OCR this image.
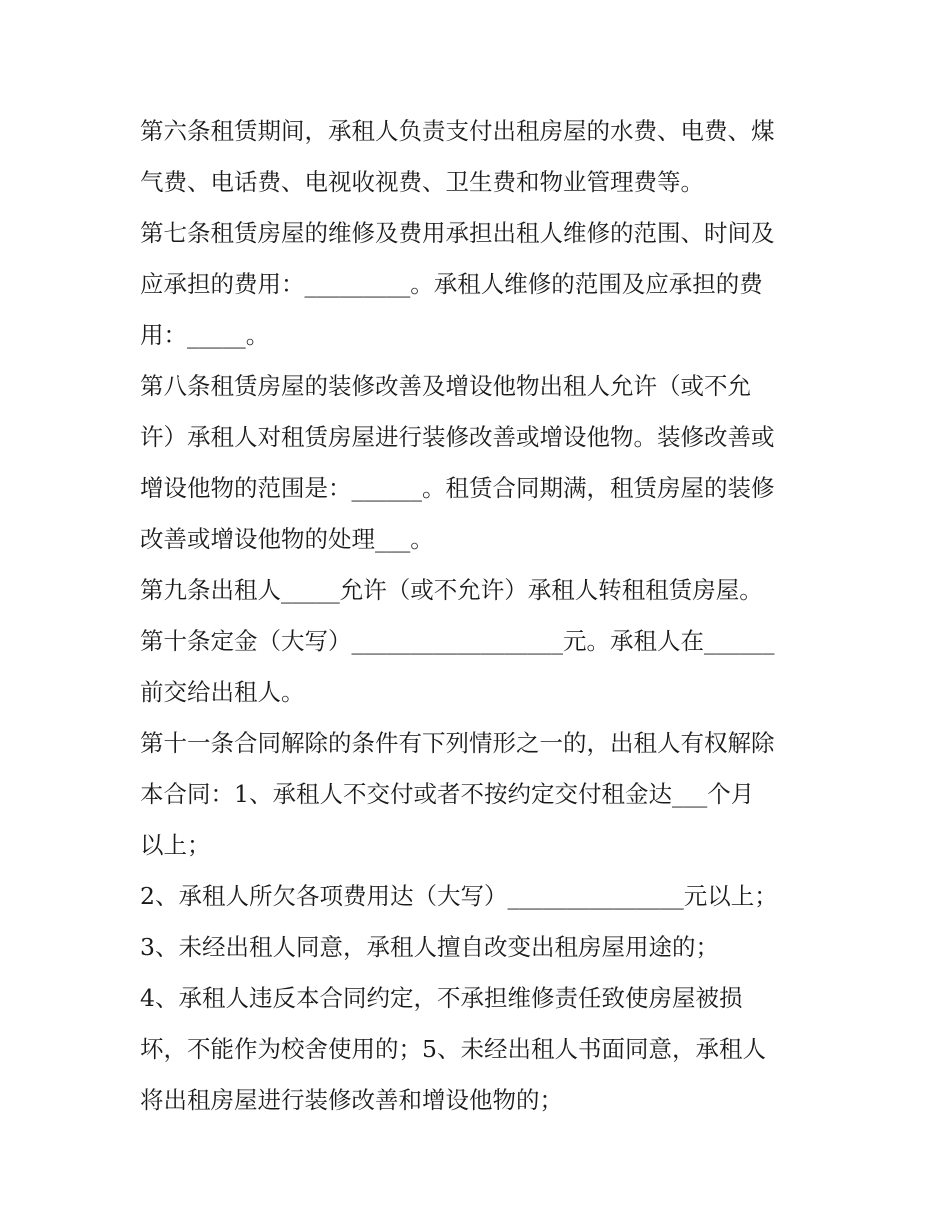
第六条租赁期间，承租人负责支付出租房屋的水费、电费、煤
气费、电话费、电视收视费、卫生费和物业管理费等。

第七条租赁房屋的维修及费用承担出租人维修的范围、时间及
应承担的费用：_________。承租人维修的范围及应承担的费
用：_____。

第八条租赁房屋的装修改善及增设他物出租人允许（或不允
许）承租人对租赁房屋进行装修改善或增设他物。装修改善或
增设他物的范围是：______。租赁合同期满，租赁房屋的装修
改善或增设他物的处理___。

第九条出租人_____允许（或不允许）承租人转租租赁房屋。

第十条定金（大写）__________________元。承租人在______
前交给出租人。

第十一条合同解除的条件有下列情形之一的，出租人有权解除
本合同：1、承租人不交付或者不按约定交付租金达___个月
以上；

2、承租人所欠各项费用达（大写）_______________元以上；

3、未经出租人同意，承租人擅自改变出租房屋用途的；

4、承租人违反本合同约定，不承担维修责任致使房屋被损
坏，不能作为校舍使用的；5、未经出租人书面同意，承租人
将出租房屋进行装修改善和增设他物的；
